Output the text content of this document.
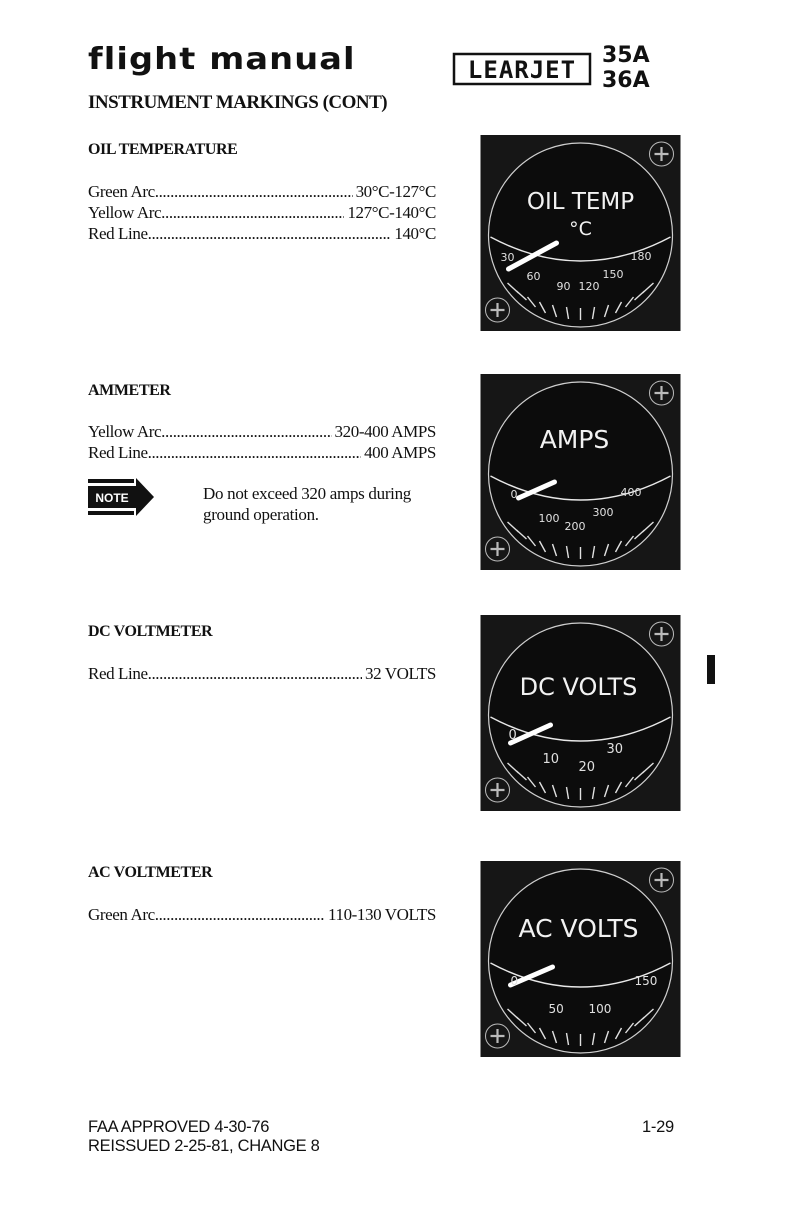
flight manual	LEARJET
35A
36A
INSTRUMENT MARKINGS (CONT)
OIL TEMPERATURE
Green Arc .....	30°C-127°C
Yellow Arc .....	127°C-140°C
Red Line .....	140°C
OIL TEMP
°C
30
60
90 120
150
180
AMMETER
Yellow Arc .....	320-400 AMPS
Red Line .....	400 AMPS
NOTE	Do not exceed 320 amps during ground operation.
AMPS
0
100
200
300
400
DC VOLTMETER
Red Line .....	32 VOLTS	DC VOLTS
0
10
20
30
AC VOLTMETER
Green Arc .....	110-130 VOLTS	AC VOLTS
0
50 100
150
FAA APPROVED 4-30-76
REISSUED 2-25-81, CHANGE 8
1-29
